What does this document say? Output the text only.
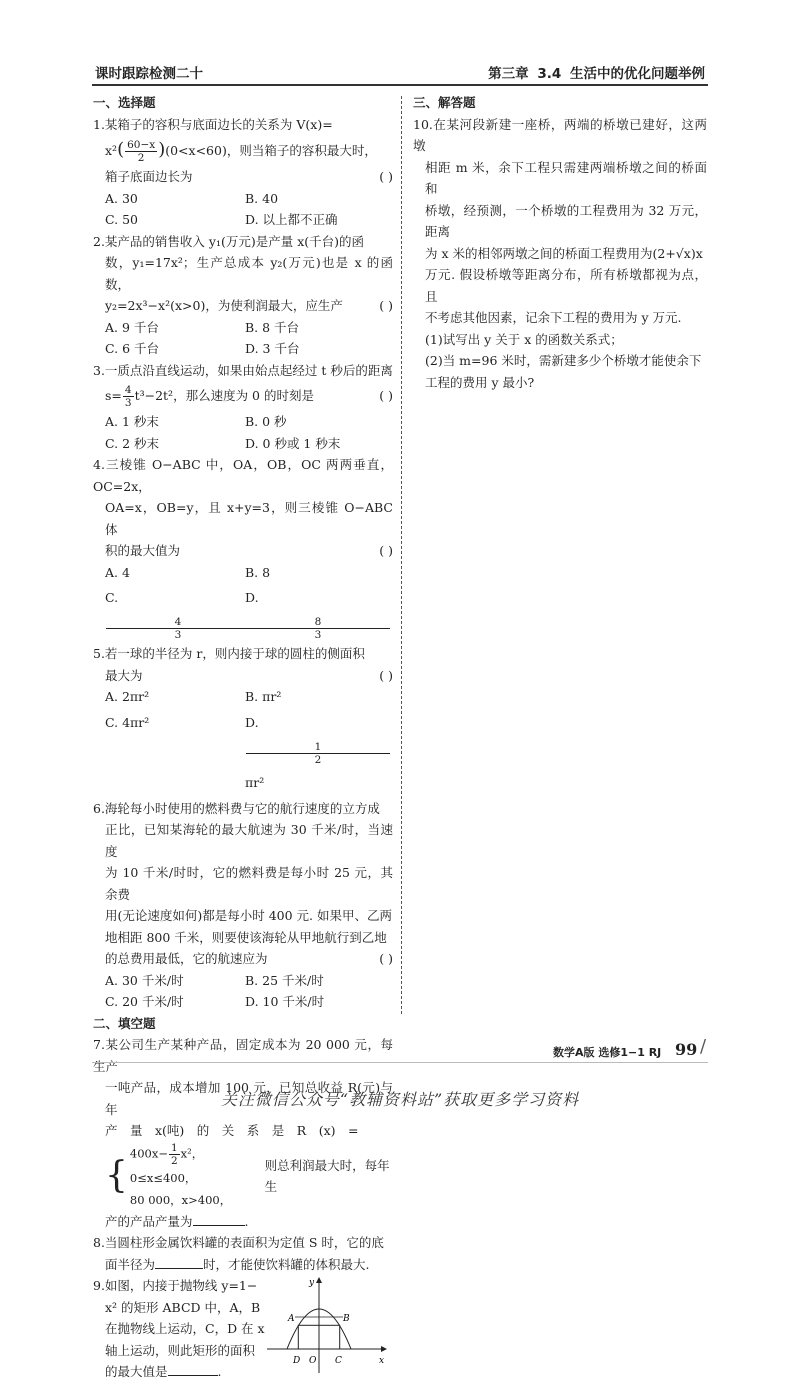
课时跟踪检测二十	第三章 3.4 生活中的优化问题举例
一、选择题
1.某箱子的容积与底面边长的关系为 V(x)=
$x^2( \frac{60-x}{2} )(0<x<60)$，则当箱子的容积最大时，
箱子底面边长为	( )
A. 30	B. 40
C. 50	D. 以上都不正确
2.某产品的销售收入 y₁(万元)是产量 x(千台)的函
数，y₁=17x²；生产总成本 y₂(万元)也是 x 的函数，
y₂=2x³−x²(x>0)，为使利润最大，应生产	( )
A. 9 千台	B. 8 千台
C. 6 千台	D. 3 千台
3.一质点沿直线运动，如果由始点起经过 t 秒后的距离
$s= \frac{4}{3} t^3-2t^2$，那么速度为 0 的时刻是	( )
A. 1 秒末	B. 0 秒
C. 2 秒末	D. 0 秒或 1 秒末
4.三棱锥 O−ABC 中，OA，OB，OC 两两垂直，OC=2x，
OA=x，OB=y，且 x+y=3，则三棱锥 O−ABC 体
积的最大值为	( )
A. 4	B. 8
C.
$\frac{4}{3}$
D.
$\frac{8}{3}$
5.若一球的半径为 r，则内接于球的圆柱的侧面积
最大为	( )
A. 2πr²	B. πr²
C. 4πr²	D.
$\frac{1}{2}$
πr²
6.海轮每小时使用的燃料费与它的航行速度的立方成
正比，已知某海轮的最大航速为 30 千米/时，当速度
为 10 千米/时时，它的燃料费是每小时 25 元，其余费
用(无论速度如何)都是每小时 400 元. 如果甲、乙两
地相距 800 千米，则要使该海轮从甲地航行到乙地
的总费用最低，它的航速应为	( )
A. 30 千米/时	B. 25 千米/时
C. 20 千米/时	D. 10 千米/时
二、填空题
7.某公司生产某种产品，固定成本为 20 000 元，每生产
一吨产品，成本增加 100 元，已知总收益 R(元)与年
产　量　x(吨)　的　关　系　是　R　(x)　=
{
$400x- \frac{1}{2} x^2$，0≤x≤400，
80 000，x>400，
则总利润最大时，每年生
产的产品产量为	.
8.当圆柱形金属饮料罐的表面积为定值 S 时，它的底
面半径为	时，才能使饮料罐的体积最大.
9.如图，内接于抛物线 y=1−
x² 的矩形 ABCD 中，A，B
在抛物线上运动，C，D 在 x
轴上运动，则此矩形的面积
的最大值是	.
y
A	B
D O C	x
三、解答题
10.在某河段新建一座桥，两端的桥墩已建好，这两墩
相距 m 米，余下工程只需建两端桥墩之间的桥面和
桥墩，经预测，一个桥墩的工程费用为 32 万元，距离
为 x 米的相邻两墩之间的桥面工程费用为(2+√x)x
万元. 假设桥墩等距离分布，所有桥墩都视为点，且
不考虑其他因素，记余下工程的费用为 y 万元.
(1)试写出 y 关于 x 的函数关系式；
(2)当 m=96 米时，需新建多少个桥墩才能使余下
工程的费用 y 最小?
数学A版 选修1−1 RJ 99 /
关注微信公众号“教辅资料站”获取更多学习资料
